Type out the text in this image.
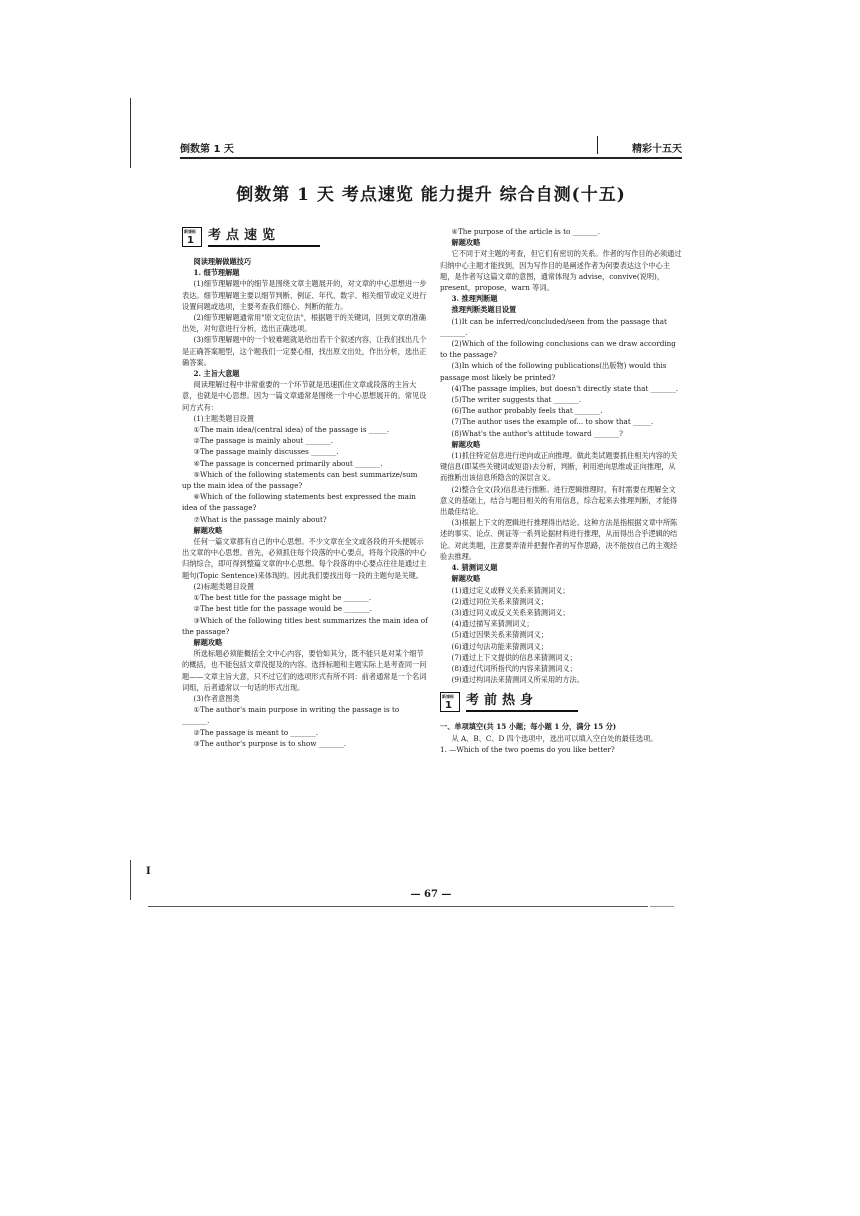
I
倒数第 1 天	精彩十五天
倒数第 1 天 考点速览 能力提升 综合自测(十五)
新课标
1 考点速览

阅读理解做题技巧

1. 细节理解题

(1)细节理解题中的细节是围绕文章主题展开的，对文章的中心思想进一步表达。细节理解题主要以细节判断、例证、年代、数字、相关细节或定义进行设置问题或选项，主要考查我们细心、判断的能力。

(2)细节理解题通常用"原文定位法"，根据题干的关键词，回到文章的准确出处，对句意进行分析，选出正确选项。

(3)细节理解题中的一个较难题就是给出若干个叙述内容，让我们找出几个是正确答案题型，这个题我们一定要心细，找出原文出处，作出分析，选出正确答案。

2. 主旨大意题

阅读理解过程中非常重要的一个环节就是迅速抓住文章或段落的主旨大意，也就是中心思想。因为一篇文章通常是围绕一个中心思想展开的。常见设问方式有：

(1)主题类题目设置

①The main idea/(central idea) of the passage is _____.

②The passage is mainly about _______.

③The passage mainly discusses _______.

④The passage is concerned primarily about _______.

⑤Which of the following statements can best summarize/sum up the main idea of the passage?

⑥Which of the following statements best expressed the main idea of the passage?

⑦What is the passage mainly about?

解题攻略

任何一篇文章都有自己的中心思想。不少文章在全文或各段的开头便展示出文章的中心思想。首先，必须抓住每个段落的中心要点，将每个段落的中心归纳综合，即可得到整篇文章的中心思想。每个段落的中心要点往往是通过主题句(Topic Sentence)来体现的。因此我们要找出每一段的主题句是关键。

(2)标题类题目设置

①The best title for the passage might be _______.

②The best title for the passage would be _______.

③Which of the following titles best summarizes the main idea of the passage?

解题攻略

所选标题必须能概括全文中心内容，要恰如其分，既不能只是对某个细节的概括，也不能包括文章没提及的内容。选择标题和主题实际上是考查同一问题——文章主旨大意，只不过它们的选项形式有所不同：前者通常是一个名词词组，后者通常以一句话的形式出现。

(3)作者意图类

①The author's main purpose in writing the passage is to _______.

②The passage is meant to _______.

③The author's purpose is to show _______.

④The purpose of the article is to _______.

解题攻略

它不同于对主题的考查，但它们有密切的关系。作者的写作目的必须通过归纳中心主题才能找到，因为写作目的是阐述作者为何要表达这个中心主题，是作者写这篇文章的意图，通常体现为 advise，convive(说明)，present，propose，warn 等词。

3. 推理判断题

推理判断类题目设置

(1)It can be inferred/concluded/seen from the passage that _______.

(2)Which of the following conclusions can we draw according to the passage?

(3)In which of the following publications(出版物) would this passage most likely be printed?

(4)The passage implies, but doesn't directly state that _______.

(5)The writer suggests that _______.

(6)The author probably feels that _______.

(7)The author uses the example of... to show that _____.

(8)What's the author's attitude toward _______?

解题攻略

(1)抓住特定信息进行逆向或正向推理。做此类试题要抓住相关内容的关键信息(即某些关键词或短语)去分析，判断，利用逆向思维或正向推理，从而推断出该信息所隐含的深层含义。

(2)整合全文(段)信息进行推断。进行逻辑推理时，有时需要在理解全文意义的基础上，结合与题目相关的有用信息，综合起来去推理判断，才能得出最佳结论。

(3)根据上下文的逻辑进行推理得出结论。这种方法是指根据文章中所陈述的事实、论点、例证等一系列论据材料进行推理，从而得出合乎逻辑的结论。对此类题，注意要弄清并把握作者的写作思路，决不能按自己的主观经验去推理。

4. 猜测词义题

解题攻略

(1)通过定义或释义关系来猜测词义；

(2)通过同位关系来猜测词义；

(3)通过同义或反义关系来猜测词义；

(4)通过描写来猜测词义；

(5)通过因果关系来猜测词义；

(6)通过句法功能来猜测词义；

(7)通过上下文提供的信息来猜测词义；

(8)通过代词所指代的内容来猜测词义；

(9)通过构词法来猜测词义所采用的方法。

新课标
1 考前热身

一、单项填空(共 15 小题；每小题 1 分，满分 15 分)

从 A、B、C、D 四个选项中，选出可以填入空白处的最佳选项。

1. —Which of the two poems do you like better?

— 67 —
